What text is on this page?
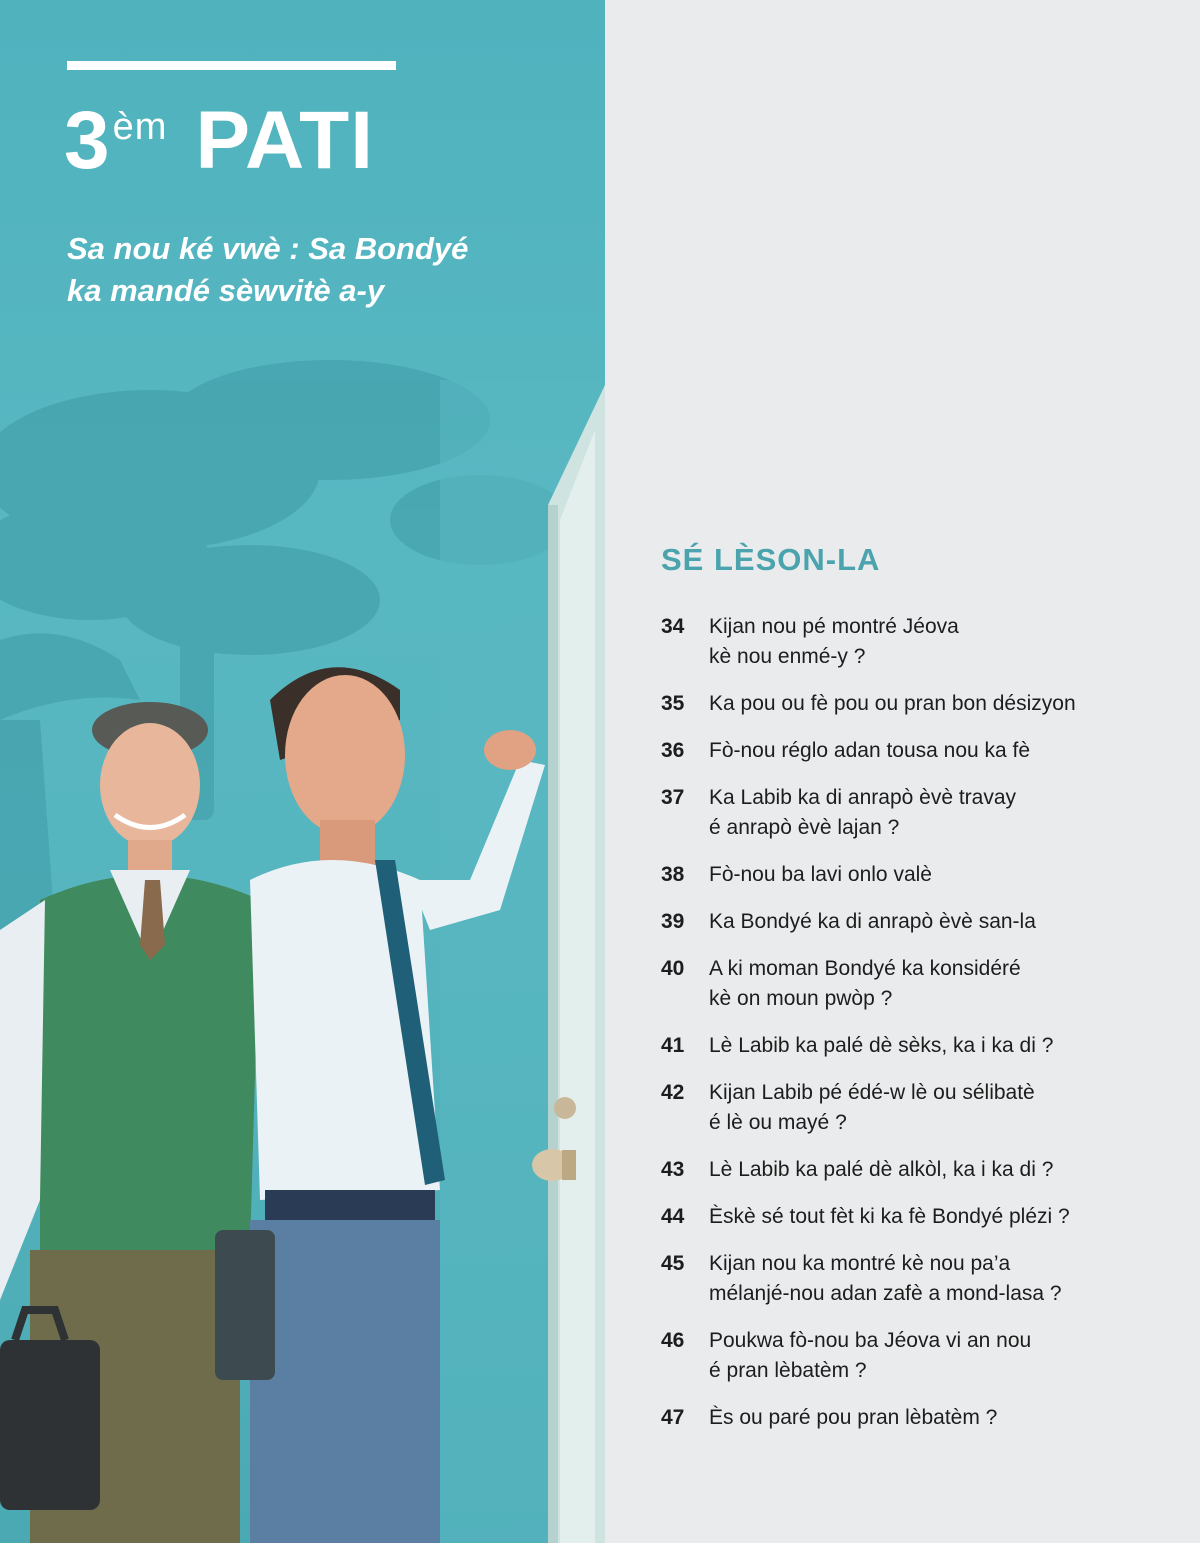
$3^{èm}$ PATI
Sa nou ké vwè : Sa Bondyé
ka mandé sèwvitè a-y
SÉ LÈSON-LA
34	Kijan nou pé montré Jéova
kè nou enmé-y ?
35	Ka pou ou fè pou ou pran bon désizyon
36	Fò-nou réglo adan tousa nou ka fè
37	Ka Labib ka di anrapò èvè travay
é anrapò èvè lajan ?
38	Fò-nou ba lavi onlo valè
39	Ka Bondyé ka di anrapò èvè san-la
40	A ki moman Bondyé ka konsidéré
kè on moun pwòp ?
41	Lè Labib ka palé dè sèks, ka i ka di ?
42	Kijan Labib pé édé-w lè ou sélibatè
é lè ou mayé ?
43	Lè Labib ka palé dè alkòl, ka i ka di ?
44	Èskè sé tout fèt ki ka fè Bondyé plézi ?
45	Kijan nou ka montré kè nou pa’a
mélanjé-nou adan zafè a mond-lasa ?
46	Poukwa fò-nou ba Jéova vi an nou
é pran lèbatèm ?
47	Ès ou paré pou pran lèbatèm ?
